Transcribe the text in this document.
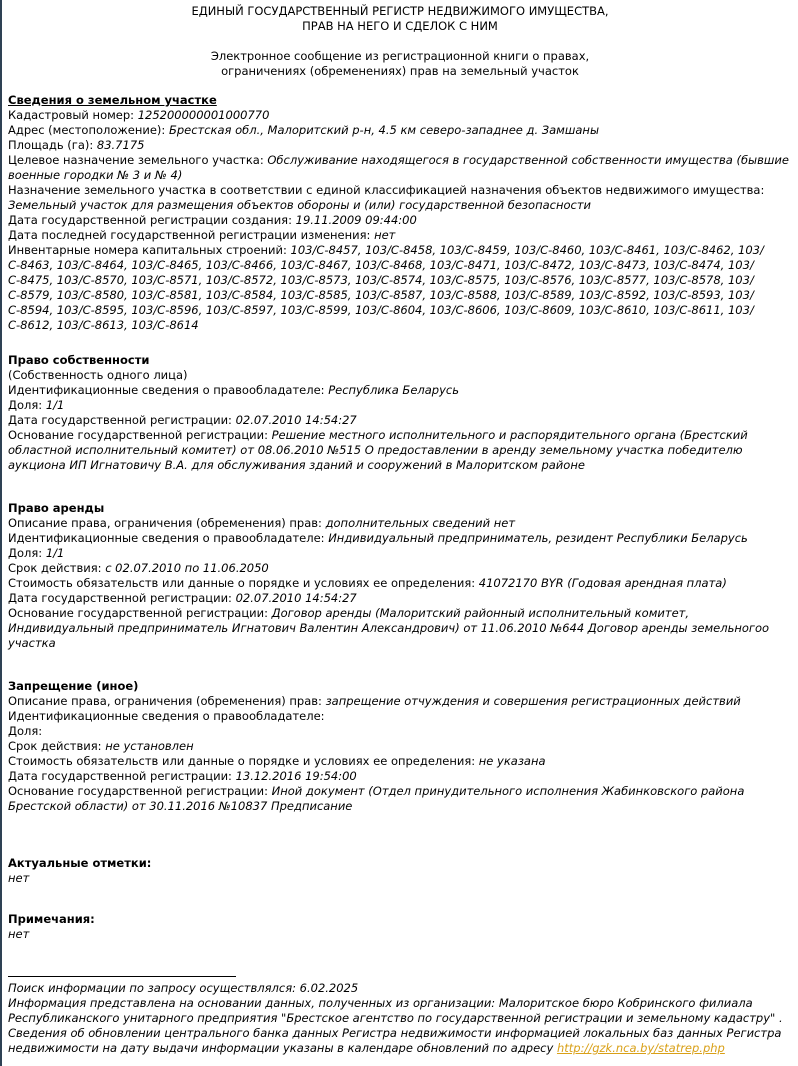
ЕДИНЫЙ ГОСУДАРСТВЕННЫЙ РЕГИСТР НЕДВИЖИМОГО ИМУЩЕСТВА,

ПРАВ НА НЕГО И СДЕЛОК С НИМ

Электронное сообщение из регистрационной книги о правах,

ограничениях (обременениях) прав на земельный участок

Сведения о земельном участке

Кадастровый номер: 125200000001000770

Адрес (местоположение): Брестская обл., Малоритский р-н, 4.5 км северо-западнее д. Замшаны

Площадь (га): 83.7175

Целевое назначение земельного участка: Обслуживание находящегося в государственной собственности имущества (бывшие военные городки № 3 и № 4)

Назначение земельного участка в соответствии с единой классификацией назначения объектов недвижимого имущества: Земельный участок для размещения объектов обороны и (или) государственной безопасности

Дата государственной регистрации создания: 19.11.2009 09:44:00

Дата последней государственной регистрации изменения: нет

Инвентарные номера капитальных строений: 103/С-8457, 103/С-8458, 103/С-8459, 103/С-8460, 103/С-8461, 103/С-8462, 103/С-8463, 103/С-8464, 103/С-8465, 103/С-8466, 103/С-8467, 103/С-8468, 103/С-8471, 103/С-8472, 103/С-8473, 103/С-8474, 103/С-8475, 103/С-8570, 103/С-8571, 103/С-8572, 103/С-8573, 103/С-8574, 103/С-8575, 103/С-8576, 103/С-8577, 103/С-8578, 103/С-8579, 103/С-8580, 103/С-8581, 103/С-8584, 103/С-8585, 103/С-8587, 103/С-8588, 103/С-8589, 103/С-8592, 103/С-8593, 103/С-8594, 103/С-8595, 103/С-8596, 103/С-8597, 103/С-8599, 103/С-8604, 103/С-8606, 103/С-8609, 103/С-8610, 103/С-8611, 103/С-8612, 103/С-8613, 103/С-8614

Право собственности

(Собственность одного лица)

Идентификационные сведения о правообладателе: Республика Беларусь

Доля: 1/1

Дата государственной регистрации: 02.07.2010 14:54:27

Основание государственной регистрации: Решение местного исполнительного и распорядительного органа (Брестский областной исполнительный комитет) от 08.06.2010 №515 О предоставлении в аренду земельному участка победителю аукциона ИП Игнатовичу В.А. для обслуживания зданий и сооружений в Малоритском районе

Право аренды

Описание права, ограничения (обременения) прав: дополнительных сведений нет

Идентификационные сведения о правообладателе: Индивидуальный предприниматель, резидент Республики Беларусь

Доля: 1/1

Срок действия: с 02.07.2010 по 11.06.2050

Стоимость обязательств или данные о порядке и условиях ее определения: 41072170 BYR (Годовая арендная плата)

Дата государственной регистрации: 02.07.2010 14:54:27

Основание государственной регистрации: Договор аренды (Малоритский районный исполнительный комитет, Индивидуальный предприниматель Игнатович Валентин Александрович) от 11.06.2010 №644 Договор аренды земельногоо участка

Запрещение (иное)

Описание права, ограничения (обременения) прав: запрещение отчуждения и совершения регистрационных действий

Идентификационные сведения о правообладателе:

Доля:

Срок действия: не установлен

Стоимость обязательств или данные о порядке и условиях ее определения: не указана

Дата государственной регистрации: 13.12.2016 19:54:00

Основание государственной регистрации: Иной документ (Отдел принудительного исполнения Жабинковского района Брестской области) от 30.11.2016 №10837 Предписание

Актуальные отметки:

нет

Примечания:

нет

Поиск информации по запросу осуществлялся: 6.02.2025

Информация представлена на основании данных, полученных из организации: Малоритское бюро Кобринского филиала Республиканского унитарного предприятия "Брестское агентство по государственной регистрации и земельному кадастру" .

Сведения об обновлении центрального банка данных Регистра недвижимости информацией локальных баз данных Регистра недвижимости на дату выдачи информации указаны в календаре обновлений по адресу http://gzk.nca.by/statrep.php
